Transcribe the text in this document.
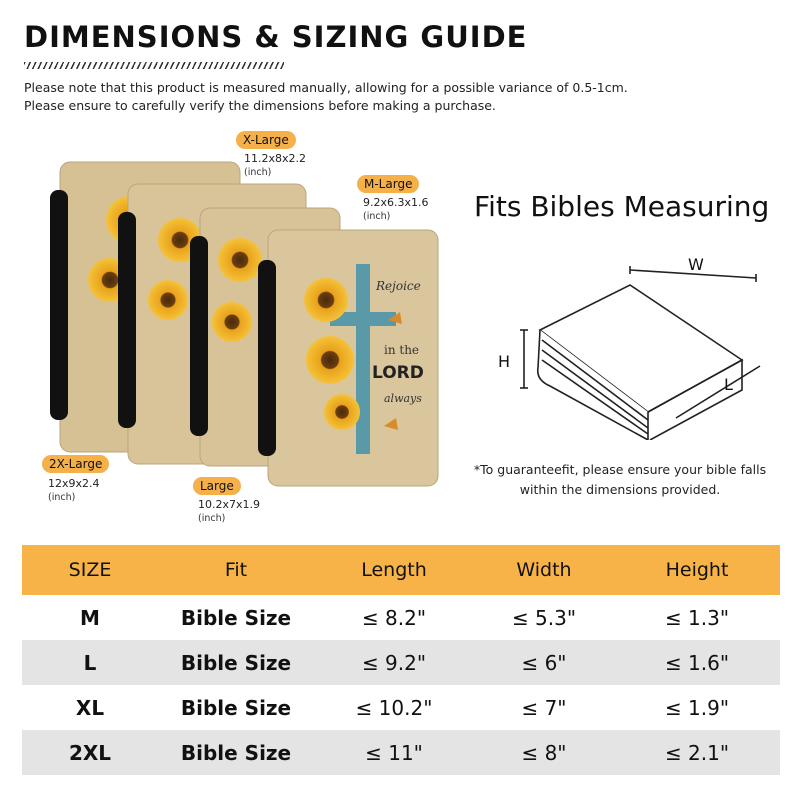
DIMENSIONS & SIZING GUIDE
Please note that this product is measured manually, allowing for a possible variance of 0.5-1cm.
Please ensure to carefully verify the dimensions before making a purchase.
X-Large
11.2x8x2.2
(inch)
M-Large
9.2x6.3x1.6
(inch)
2X-Large
12x9x2.4
(inch)
Large
10.2x7x1.9
(inch)
Rejoice
in the
LORD
always
Fits Bibles Measuring
W
H
L
*To guaranteefit, please ensure your bible falls
within the dimensions provided.
SIZE	Fit	Length	Width	Height
M	Bible Size	≤ 8.2"	≤ 5.3"	≤ 1.3"
L	Bible Size	≤ 9.2"	≤ 6"	≤ 1.6"
XL	Bible Size	≤ 10.2"	≤ 7"	≤ 1.9"
2XL	Bible Size	≤ 11"	≤ 8"	≤ 2.1"
